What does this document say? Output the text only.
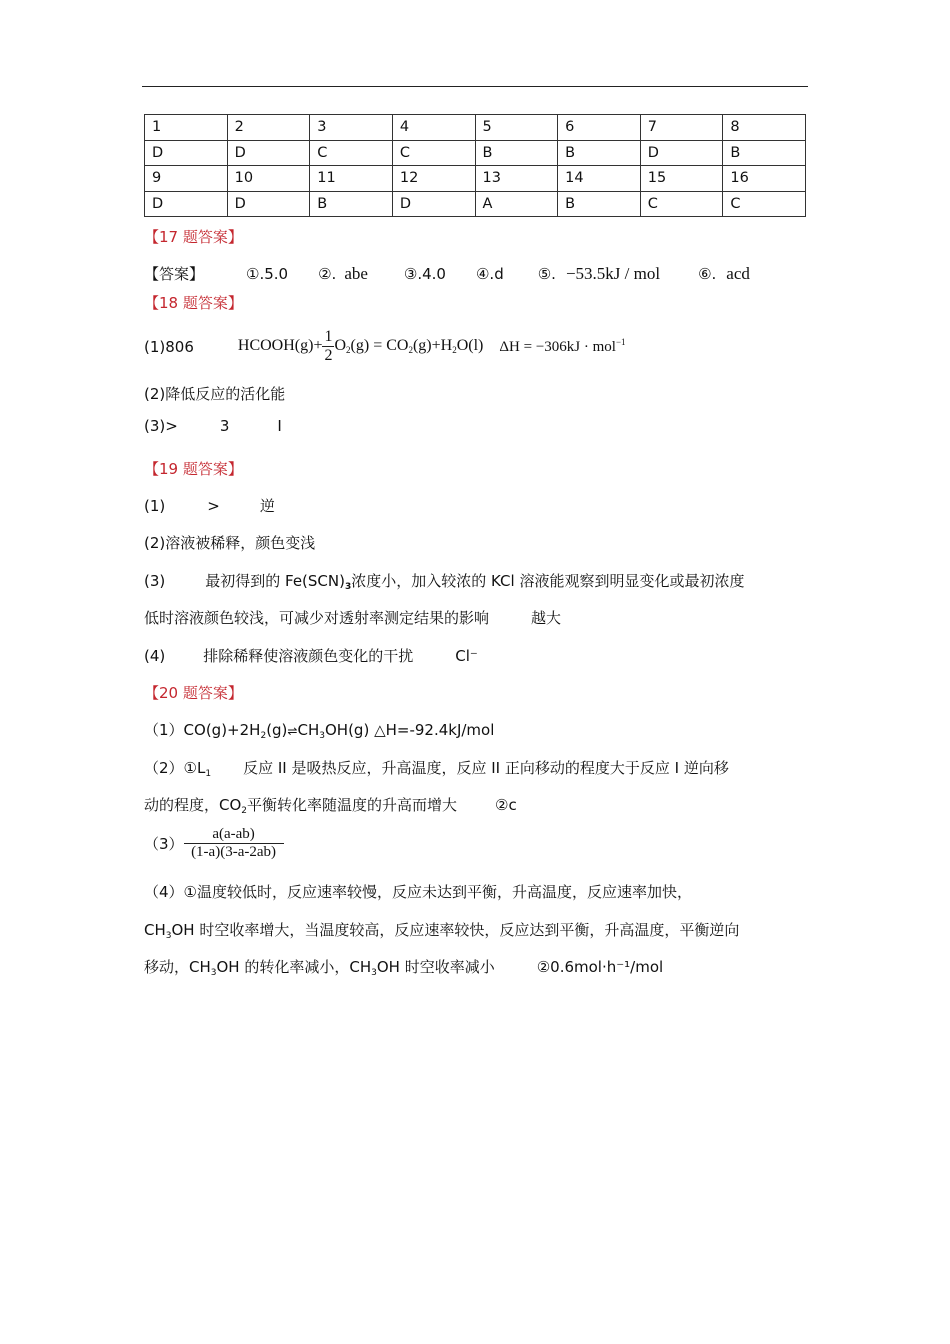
1	2	3	4	5	6	7	8
D	D	C	C	B	B	D	B
9	10	11	12	13	14	15	16
D	D	B	D	A	B	C	C
【17 题答案】
【答案】	①.5.0 ②. abe ③.4.0 ④.d ⑤. −53.5kJ / mol	⑥. acd
【18 题答案】
(1)806	HCOOH(g)+ $\frac{1}{2} O_2(g) = CO_2(g)+H_2O(l) \Delta H = -306kJ \cdot mol^{-1}$
(2)降低反应的活化能
(3)>	3	I
【19 题答案】
(1)	>	逆
(2)溶液被稀释，颜色变浅
(3)	最初得到的 $Fe(SCN)_3$浓度小，加入较浓的 KCl 溶液能观察到明显变化或最初浓度
低时溶液颜色较浅，可减少对透射率测定结果的影响	越大
(4)	排除稀释使溶液颜色变化的干扰	Cl⁻
【20 题答案】
$(1)CO(g)+2H_2(g)\rightleftharpoons CH_3OH(g)$ △H=-92.4kJ/mol
$(2)①L_1$ 反应 II 是吸热反应，升高温度，反应 II 正向移动的程度大于反应 I 逆向移
动的程度，$CO_2$平衡转化率随温度的升高而增大	②c
$(3) \frac{a(a-ab)}{(1-a)(3-a-2ab)}$
（4）①温度较低时，反应速率较慢，反应未达到平衡，升高温度，反应速率加快，
$CH_3OH$ 时空收率增大，当温度较高，反应速率较快，反应达到平衡，升高温度，平衡逆向
移动，$CH_3OH$ 的转化率减小，$CH_3OH$ 时空收率减小	②0.6mol·h⁻¹/mol
